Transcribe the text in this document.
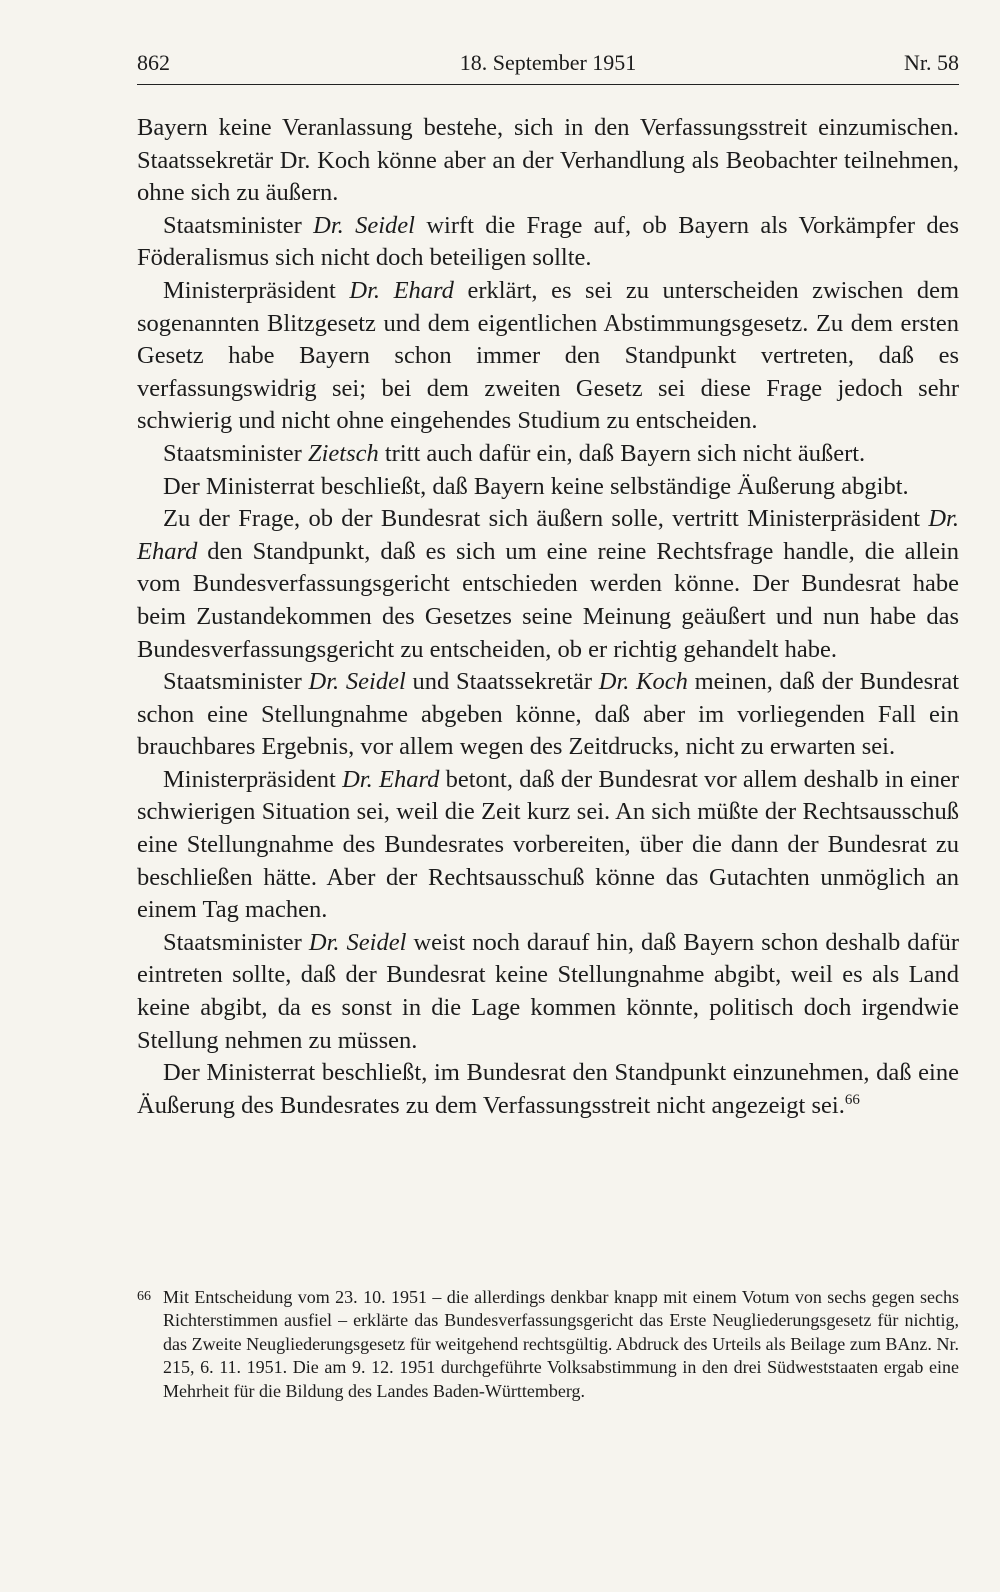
862	18. September 1951	Nr. 58

Bayern keine Veranlassung bestehe, sich in den Verfassungsstreit einzumischen. Staatssekretär Dr. Koch könne aber an der Verhandlung als Beobachter teilnehmen, ohne sich zu äußern.

Staatsminister Dr. Seidel wirft die Frage auf, ob Bayern als Vorkämpfer des Föderalismus sich nicht doch beteiligen sollte.

Ministerpräsident Dr. Ehard erklärt, es sei zu unterscheiden zwischen dem sogenannten Blitzgesetz und dem eigentlichen Abstimmungsgesetz. Zu dem ersten Gesetz habe Bayern schon immer den Standpunkt vertreten, daß es verfassungswidrig sei; bei dem zweiten Gesetz sei diese Frage jedoch sehr schwierig und nicht ohne eingehendes Studium zu entscheiden.

Staatsminister Zietsch tritt auch dafür ein, daß Bayern sich nicht äußert.

Der Ministerrat beschließt, daß Bayern keine selbständige Äußerung abgibt.

Zu der Frage, ob der Bundesrat sich äußern solle, vertritt Ministerpräsident Dr. Ehard den Standpunkt, daß es sich um eine reine Rechtsfrage handle, die allein vom Bundesverfassungsgericht entschieden werden könne. Der Bundesrat habe beim Zustandekommen des Gesetzes seine Meinung geäußert und nun habe das Bundesverfassungsgericht zu entscheiden, ob er richtig gehandelt habe.

Staatsminister Dr. Seidel und Staatssekretär Dr. Koch meinen, daß der Bundesrat schon eine Stellungnahme abgeben könne, daß aber im vorliegenden Fall ein brauchbares Ergebnis, vor allem wegen des Zeitdrucks, nicht zu erwarten sei.

Ministerpräsident Dr. Ehard betont, daß der Bundesrat vor allem deshalb in einer schwierigen Situation sei, weil die Zeit kurz sei. An sich müßte der Rechtsausschuß eine Stellungnahme des Bundesrates vorbereiten, über die dann der Bundesrat zu beschließen hätte. Aber der Rechtsausschuß könne das Gutachten unmöglich an einem Tag machen.

Staatsminister Dr. Seidel weist noch darauf hin, daß Bayern schon deshalb dafür eintreten sollte, daß der Bundesrat keine Stellungnahme abgibt, weil es als Land keine abgibt, da es sonst in die Lage kommen könnte, politisch doch irgendwie Stellung nehmen zu müssen.

Der Ministerrat beschließt, im Bundesrat den Standpunkt einzunehmen, daß eine Äußerung des Bundesrates zu dem Verfassungsstreit nicht angezeigt sei.$^{66}$

66 Mit Entscheidung vom 23. 10. 1951 – die allerdings denkbar knapp mit einem Votum von sechs gegen sechs Richterstimmen ausfiel – erklärte das Bundesverfassungsgericht das Erste Neugliederungsgesetz für nichtig, das Zweite Neugliederungsgesetz für weitgehend rechtsgültig. Abdruck des Urteils als Beilage zum BAnz. Nr. 215, 6. 11. 1951. Die am 9. 12. 1951 durchgeführte Volksabstimmung in den drei Südweststaaten ergab eine Mehrheit für die Bildung des Landes Baden-Württemberg.
